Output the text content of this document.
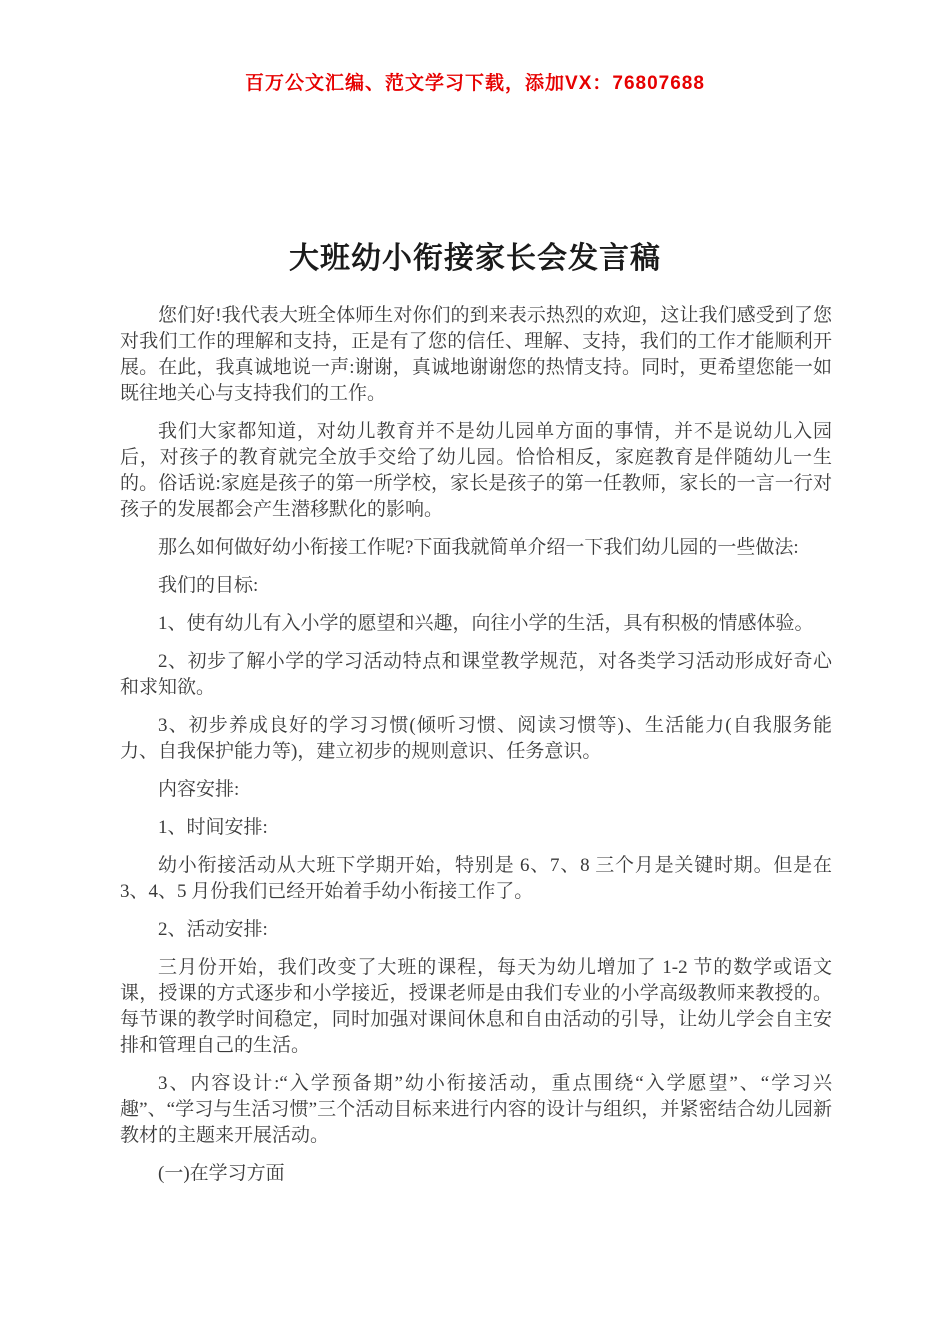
百万公文汇编、范文学习下载，添加VX：76807688
大班幼小衔接家长会发言稿

您们好!我代表大班全体师生对你们的到来表示热烈的欢迎，这让我们感受到了您对我们工作的理解和支持，正是有了您的信任、理解、支持，我们的工作才能顺利开展。在此，我真诚地说一声:谢谢，真诚地谢谢您的热情支持。同时，更希望您能一如既往地关心与支持我们的工作。

我们大家都知道，对幼儿教育并不是幼儿园单方面的事情，并不是说幼儿入园后，对孩子的教育就完全放手交给了幼儿园。恰恰相反，家庭教育是伴随幼儿一生的。俗话说:家庭是孩子的第一所学校，家长是孩子的第一任教师，家长的一言一行对孩子的发展都会产生潜移默化的影响。

那么如何做好幼小衔接工作呢?下面我就简单介绍一下我们幼儿园的一些做法:

我们的目标:

1、使有幼儿有入小学的愿望和兴趣，向往小学的生活，具有积极的情感体验。

2、初步了解小学的学习活动特点和课堂教学规范，对各类学习活动形成好奇心和求知欲。

3、初步养成良好的学习习惯(倾听习惯、阅读习惯等)、生活能力(自我服务能力、自我保护能力等)，建立初步的规则意识、任务意识。

内容安排:

1、时间安排:

幼小衔接活动从大班下学期开始，特别是 6、7、8 三个月是关键时期。但是在 3、4、5 月份我们已经开始着手幼小衔接工作了。

2、活动安排:

三月份开始，我们改变了大班的课程，每天为幼儿增加了 1-2 节的数学或语文课，授课的方式逐步和小学接近，授课老师是由我们专业的小学高级教师来教授的。每节课的教学时间稳定，同时加强对课间休息和自由活动的引导，让幼儿学会自主安排和管理自己的生活。

3、内容设计:“入学预备期”幼小衔接活动，重点围绕“入学愿望”、“学习兴趣”、“学习与生活习惯”三个活动目标来进行内容的设计与组织，并紧密结合幼儿园新教材的主题来开展活动。

(一)在学习方面
